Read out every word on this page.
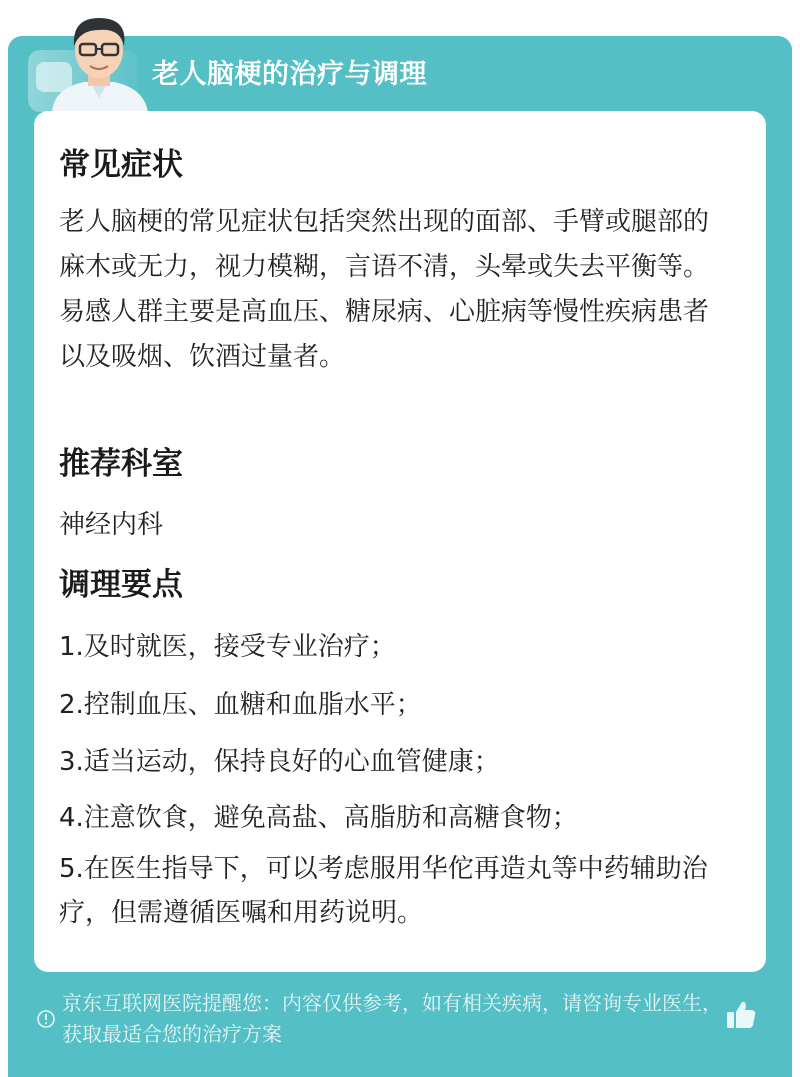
老人脑梗的治疗与调理
常见症状
老人脑梗的常见症状包括突然出现的面部、手臂或腿部的麻木或无力，视力模糊，言语不清，头晕或失去平衡等。易感人群主要是高血压、糖尿病、心脏病等慢性疾病患者以及吸烟、饮酒过量者。
推荐科室
神经内科
调理要点
1.及时就医，接受专业治疗；
2.控制血压、血糖和血脂水平；
3.适当运动，保持良好的心血管健康；
4.注意饮食，避免高盐、高脂肪和高糖食物；
5.在医生指导下，可以考虑服用华佗再造丸等中药辅助治疗，但需遵循医嘱和用药说明。
京东互联网医院提醒您：内容仅供参考，如有相关疾病，请咨询专业医生，获取最适合您的治疗方案
